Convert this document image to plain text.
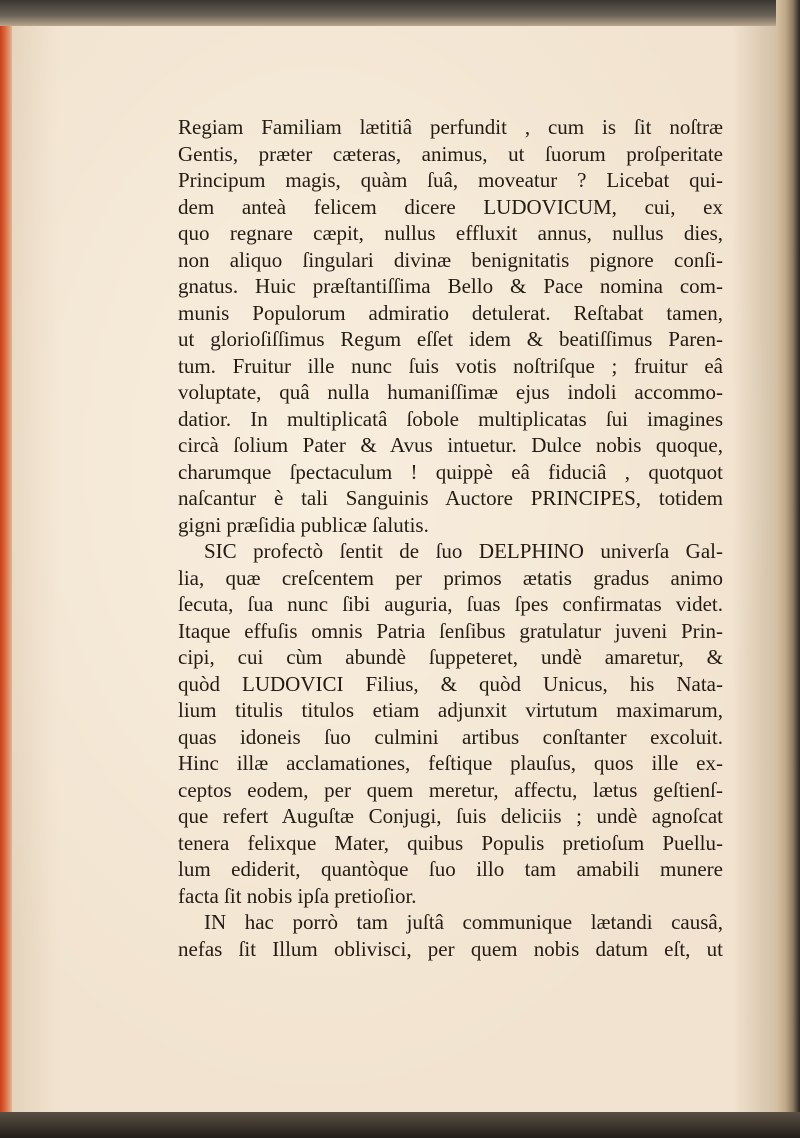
Regiam Familiam lætitiâ perfundit , cum is ſit noſtræ
Gentis, præter cæteras, animus, ut ſuorum proſperitate
Principum magis, quàm ſuâ, moveatur ? Licebat qui-
dem anteà felicem dicere LUDOVICUM, cui, ex
quo regnare cæpit, nullus effluxit annus, nullus dies,
non aliquo ſingulari divinæ benignitatis pignore conſi-
gnatus. Huic præſtantiſſima Bello & Pace nomina com-
munis Populorum admiratio detulerat. Reſtabat tamen,
ut glorioſiſſimus Regum eſſet idem & beatiſſimus Paren-
tum. Fruitur ille nunc ſuis votis noſtriſque ; fruitur eâ
voluptate, quâ nulla humaniſſimæ ejus indoli accommo-
datior. In multiplicatâ ſobole multiplicatas ſui imagines
circà ſolium Pater & Avus intuetur. Dulce nobis quoque,
charumque ſpectaculum ! quippè eâ fiduciâ , quotquot
naſcantur è tali Sanguinis Auctore PRINCIPES, totidem
gigni præſidia publicæ ſalutis.
SIC profectò ſentit de ſuo DELPHINO univerſa Gal-
lia, quæ creſcentem per primos ætatis gradus animo
ſecuta, ſua nunc ſibi auguria, ſuas ſpes confirmatas videt.
Itaque effuſis omnis Patria ſenſibus gratulatur juveni Prin-
cipi, cui cùm abundè ſuppeteret, undè amaretur, &
quòd LUDOVICI Filius, & quòd Unicus, his Nata-
lium titulis titulos etiam adjunxit virtutum maximarum,
quas idoneis ſuo culmini artibus conſtanter excoluit.
Hinc illæ acclamationes, feſtique plauſus, quos ille ex-
ceptos eodem, per quem meretur, affectu, lætus geſtienſ-
que refert Auguſtæ Conjugi, ſuis deliciis ; undè agnoſcat
tenera felixque Mater, quibus Populis pretioſum Puellu-
lum ediderit, quantòque ſuo illo tam amabili munere
facta ſit nobis ipſa pretioſior.
IN hac porrò tam juſtâ communique lætandi causâ,
nefas ſit Illum oblivisci, per quem nobis datum eſt, ut
